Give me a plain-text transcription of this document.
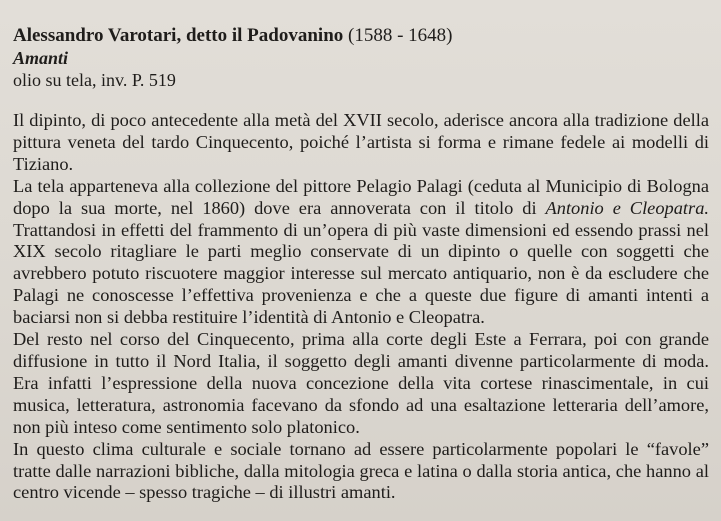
Alessandro Varotari, detto il Padovanino (1588 - 1648)
Amanti
olio su tela, inv. P. 519
Il dipinto, di poco antecedente alla metà del XVII secolo, aderisce ancora alla tradizione della
pittura veneta del tardo Cinquecento, poiché l’artista si forma e rimane fedele ai modelli di
Tiziano.
La tela apparteneva alla collezione del pittore Pelagio Palagi (ceduta al Municipio di Bologna
dopo la sua morte, nel 1860) dove era annoverata con il titolo di Antonio e Cleopatra.
Trattandosi in effetti del frammento di un’opera di più vaste dimensioni ed essendo prassi nel
XIX secolo ritagliare le parti meglio conservate di un dipinto o quelle con soggetti che
avrebbero potuto riscuotere maggior interesse sul mercato antiquario, non è da escludere che
Palagi ne conoscesse l’effettiva provenienza e che a queste due figure di amanti intenti a
baciarsi non si debba restituire l’identità di Antonio e Cleopatra.
Del resto nel corso del Cinquecento, prima alla corte degli Este a Ferrara, poi con grande
diffusione in tutto il Nord Italia, il soggetto degli amanti divenne particolarmente di moda.
Era infatti l’espressione della nuova concezione della vita cortese rinascimentale, in cui
musica, letteratura, astronomia facevano da sfondo ad una esaltazione letteraria dell’amore,
non più inteso come sentimento solo platonico.
In questo clima culturale e sociale tornano ad essere particolarmente popolari le “favole”
tratte dalle narrazioni bibliche, dalla mitologia greca e latina o dalla storia antica, che hanno al
centro vicende – spesso tragiche – di illustri amanti.
